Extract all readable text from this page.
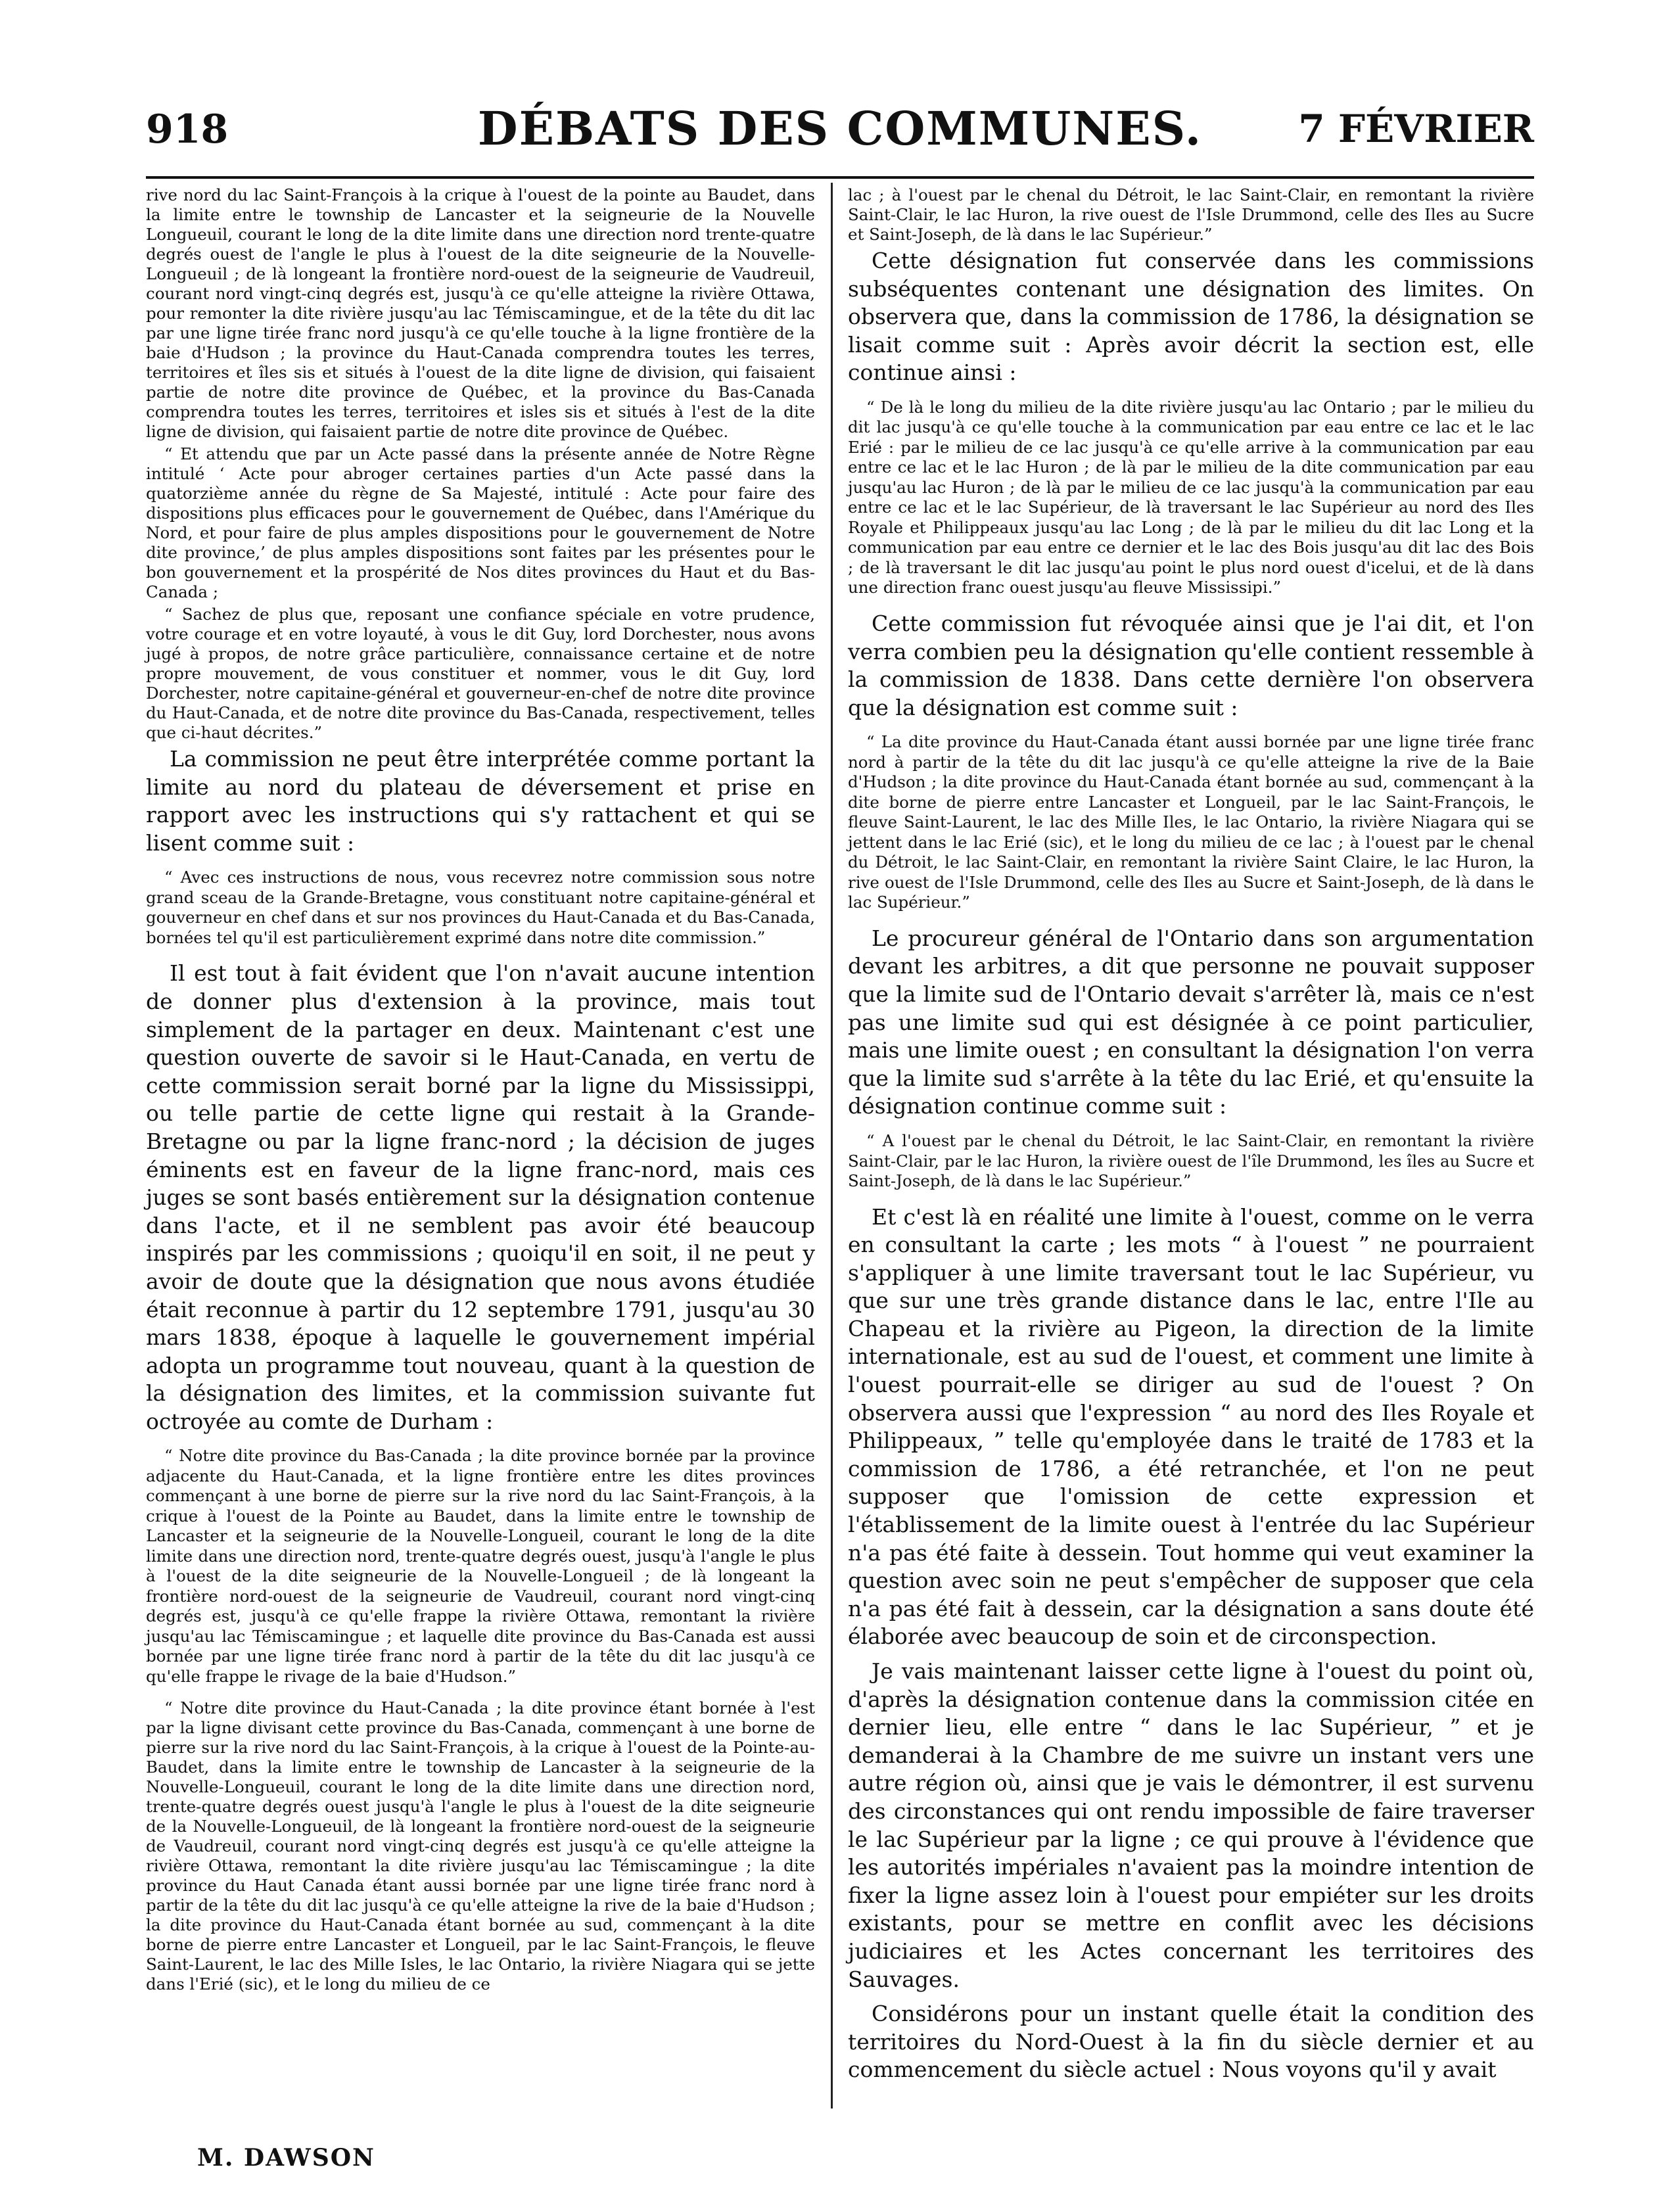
918	DÉBATS DES COMMUNES.	7 FÉVRIER

rive nord du lac Saint-François à la crique à l'ouest de la pointe au Baudet, dans la limite entre le township de Lancaster et la seigneurie de la Nouvelle Longueuil, courant le long de la dite limite dans une direction nord trente-quatre degrés ouest de l'angle le plus à l'ouest de la dite seigneurie de la Nouvelle-Longueuil ; de là longeant la frontière nord-ouest de la seigneurie de Vaudreuil, courant nord vingt-cinq degrés est, jusqu'à ce qu'elle atteigne la rivière Ottawa, pour remonter la dite rivière jusqu'au lac Témiscamingue, et de la tête du dit lac par une ligne tirée franc nord jusqu'à ce qu'elle touche à la ligne frontière de la baie d'Hudson ; la province du Haut-Canada comprendra toutes les terres, territoires et îles sis et situés à l'ouest de la dite ligne de division, qui faisaient partie de notre dite province de Québec, et la province du Bas-Canada comprendra toutes les terres, territoires et isles sis et situés à l'est de la dite ligne de division, qui faisaient partie de notre dite province de Québec.

“ Et attendu que par un Acte passé dans la présente année de Notre Règne intitulé ‘ Acte pour abroger certaines parties d'un Acte passé dans la quatorzième année du règne de Sa Majesté, intitulé : Acte pour faire des dispositions plus efficaces pour le gouvernement de Québec, dans l'Amérique du Nord, et pour faire de plus amples dispositions pour le gouvernement de Notre dite province,’ de plus amples dispositions sont faites par les présentes pour le bon gouvernement et la prospérité de Nos dites provinces du Haut et du Bas-Canada ;

“ Sachez de plus que, reposant une confiance spéciale en votre prudence, votre courage et en votre loyauté, à vous le dit Guy, lord Dorchester, nous avons jugé à propos, de notre grâce particulière, connaissance certaine et de notre propre mouvement, de vous constituer et nommer, vous le dit Guy, lord Dorchester, notre capitaine-général et gouverneur-en-chef de notre dite province du Haut-Canada, et de notre dite province du Bas-Canada, respectivement, telles que ci-haut décrites.”

La commission ne peut être interprétée comme portant la limite au nord du plateau de déversement et prise en rapport avec les instructions qui s'y rattachent et qui se lisent comme suit :

“ Avec ces instructions de nous, vous recevrez notre commission sous notre grand sceau de la Grande-Bretagne, vous constituant notre capitaine-général et gouverneur en chef dans et sur nos provinces du Haut-Canada et du Bas-Canada, bornées tel qu'il est particulièrement exprimé dans notre dite commission.”

Il est tout à fait évident que l'on n'avait aucune intention de donner plus d'extension à la province, mais tout simplement de la partager en deux. Maintenant c'est une question ouverte de savoir si le Haut-Canada, en vertu de cette commission serait borné par la ligne du Mississippi, ou telle partie de cette ligne qui restait à la Grande-Bretagne ou par la ligne franc-nord ; la décision de juges éminents est en faveur de la ligne franc-nord, mais ces juges se sont basés entièrement sur la désignation contenue dans l'acte, et il ne semblent pas avoir été beaucoup inspirés par les commissions ; quoiqu'il en soit, il ne peut y avoir de doute que la désignation que nous avons étudiée était reconnue à partir du 12 septembre 1791, jusqu'au 30 mars 1838, époque à laquelle le gouvernement impérial adopta un programme tout nouveau, quant à la question de la désignation des limites, et la commission suivante fut octroyée au comte de Durham :

“ Notre dite province du Bas-Canada ; la dite province bornée par la province adjacente du Haut-Canada, et la ligne frontière entre les dites provinces commençant à une borne de pierre sur la rive nord du lac Saint-François, à la crique à l'ouest de la Pointe au Baudet, dans la limite entre le township de Lancaster et la seigneurie de la Nouvelle-Longueil, courant le long de la dite limite dans une direction nord, trente-quatre degrés ouest, jusqu'à l'angle le plus à l'ouest de la dite seigneurie de la Nouvelle-Longueil ; de là longeant la frontière nord-ouest de la seigneurie de Vaudreuil, courant nord vingt-cinq degrés est, jusqu'à ce qu'elle frappe la rivière Ottawa, remontant la rivière jusqu'au lac Témiscamingue ; et laquelle dite province du Bas-Canada est aussi bornée par une ligne tirée franc nord à partir de la tête du dit lac jusqu'à ce qu'elle frappe le rivage de la baie d'Hudson.”

“ Notre dite province du Haut-Canada ; la dite province étant bornée à l'est par la ligne divisant cette province du Bas-Canada, commençant à une borne de pierre sur la rive nord du lac Saint-François, à la crique à l'ouest de la Pointe-au-Baudet, dans la limite entre le township de Lancaster à la seigneurie de la Nouvelle-Longueuil, courant le long de la dite limite dans une direction nord, trente-quatre degrés ouest jusqu'à l'angle le plus à l'ouest de la dite seigneurie de la Nouvelle-Longueuil, de là longeant la frontière nord-ouest de la seigneurie de Vaudreuil, courant nord vingt-cinq degrés est jusqu'à ce qu'elle atteigne la rivière Ottawa, remontant la dite rivière jusqu'au lac Témiscamingue ; la dite province du Haut Canada étant aussi bornée par une ligne tirée franc nord à partir de la tête du dit lac jusqu'à ce qu'elle atteigne la rive de la baie d'Hudson ; la dite province du Haut-Canada étant bornée au sud, commençant à la dite borne de pierre entre Lancaster et Longueil, par le lac Saint-François, le fleuve Saint-Laurent, le lac des Mille Isles, le lac Ontario, la rivière Niagara qui se jette dans l'Erié (sic), et le long du milieu de ce

lac ; à l'ouest par le chenal du Détroit, le lac Saint-Clair, en remontant la rivière Saint-Clair, le lac Huron, la rive ouest de l'Isle Drummond, celle des Iles au Sucre et Saint-Joseph, de là dans le lac Supérieur.”

Cette désignation fut conservée dans les commissions subséquentes contenant une désignation des limites. On observera que, dans la commission de 1786, la désignation se lisait comme suit : Après avoir décrit la section est, elle continue ainsi :

“ De là le long du milieu de la dite rivière jusqu'au lac Ontario ; par le milieu du dit lac jusqu'à ce qu'elle touche à la communication par eau entre ce lac et le lac Erié : par le milieu de ce lac jusqu'à ce qu'elle arrive à la communication par eau entre ce lac et le lac Huron ; de là par le milieu de la dite communication par eau jusqu'au lac Huron ; de là par le milieu de ce lac jusqu'à la communication par eau entre ce lac et le lac Supérieur, de là traversant le lac Supérieur au nord des Iles Royale et Philippeaux jusqu'au lac Long ; de là par le milieu du dit lac Long et la communication par eau entre ce dernier et le lac des Bois jusqu'au dit lac des Bois ; de là traversant le dit lac jusqu'au point le plus nord ouest d'icelui, et de là dans une direction franc ouest jusqu'au fleuve Mississipi.”

Cette commission fut révoquée ainsi que je l'ai dit, et l'on verra combien peu la désignation qu'elle contient ressemble à la commission de 1838. Dans cette dernière l'on observera que la désignation est comme suit :

“ La dite province du Haut-Canada étant aussi bornée par une ligne tirée franc nord à partir de la tête du dit lac jusqu'à ce qu'elle atteigne la rive de la Baie d'Hudson ; la dite province du Haut-Canada étant bornée au sud, commençant à la dite borne de pierre entre Lancaster et Longueil, par le lac Saint-François, le fleuve Saint-Laurent, le lac des Mille Iles, le lac Ontario, la rivière Niagara qui se jettent dans le lac Erié (sic), et le long du milieu de ce lac ; à l'ouest par le chenal du Détroit, le lac Saint-Clair, en remontant la rivière Saint Claire, le lac Huron, la rive ouest de l'Isle Drummond, celle des Iles au Sucre et Saint-Joseph, de là dans le lac Supérieur.”

Le procureur général de l'Ontario dans son argumentation devant les arbitres, a dit que personne ne pouvait supposer que la limite sud de l'Ontario devait s'arrêter là, mais ce n'est pas une limite sud qui est désignée à ce point particulier, mais une limite ouest ; en consultant la désignation l'on verra que la limite sud s'arrête à la tête du lac Erié, et qu'ensuite la désignation continue comme suit :

“ A l'ouest par le chenal du Détroit, le lac Saint-Clair, en remontant la rivière Saint-Clair, par le lac Huron, la rivière ouest de l'île Drummond, les îles au Sucre et Saint-Joseph, de là dans le lac Supérieur.”

Et c'est là en réalité une limite à l'ouest, comme on le verra en consultant la carte ; les mots “ à l'ouest ” ne pourraient s'appliquer à une limite traversant tout le lac Supérieur, vu que sur une très grande distance dans le lac, entre l'Ile au Chapeau et la rivière au Pigeon, la direction de la limite internationale, est au sud de l'ouest, et comment une limite à l'ouest pourrait-elle se diriger au sud de l'ouest ? On observera aussi que l'expression “ au nord des Iles Royale et Philippeaux, ” telle qu'employée dans le traité de 1783 et la commission de 1786, a été retranchée, et l'on ne peut supposer que l'omission de cette expression et l'établissement de la limite ouest à l'entrée du lac Supérieur n'a pas été faite à dessein. Tout homme qui veut examiner la question avec soin ne peut s'empêcher de supposer que cela n'a pas été fait à dessein, car la désignation a sans doute été élaborée avec beaucoup de soin et de circonspection.

Je vais maintenant laisser cette ligne à l'ouest du point où, d'après la désignation contenue dans la commission citée en dernier lieu, elle entre “ dans le lac Supérieur, ” et je demanderai à la Chambre de me suivre un instant vers une autre région où, ainsi que je vais le démontrer, il est survenu des circonstances qui ont rendu impossible de faire traverser le lac Supérieur par la ligne ; ce qui prouve à l'évidence que les autorités impériales n'avaient pas la moindre intention de fixer la ligne assez loin à l'ouest pour empiéter sur les droits existants, pour se mettre en conflit avec les décisions judiciaires et les Actes concernant les territoires des Sauvages.

Considérons pour un instant quelle était la condition des territoires du Nord-Ouest à la fin du siècle dernier et au commencement du siècle actuel : Nous voyons qu'il y avait

M. DAWSON
